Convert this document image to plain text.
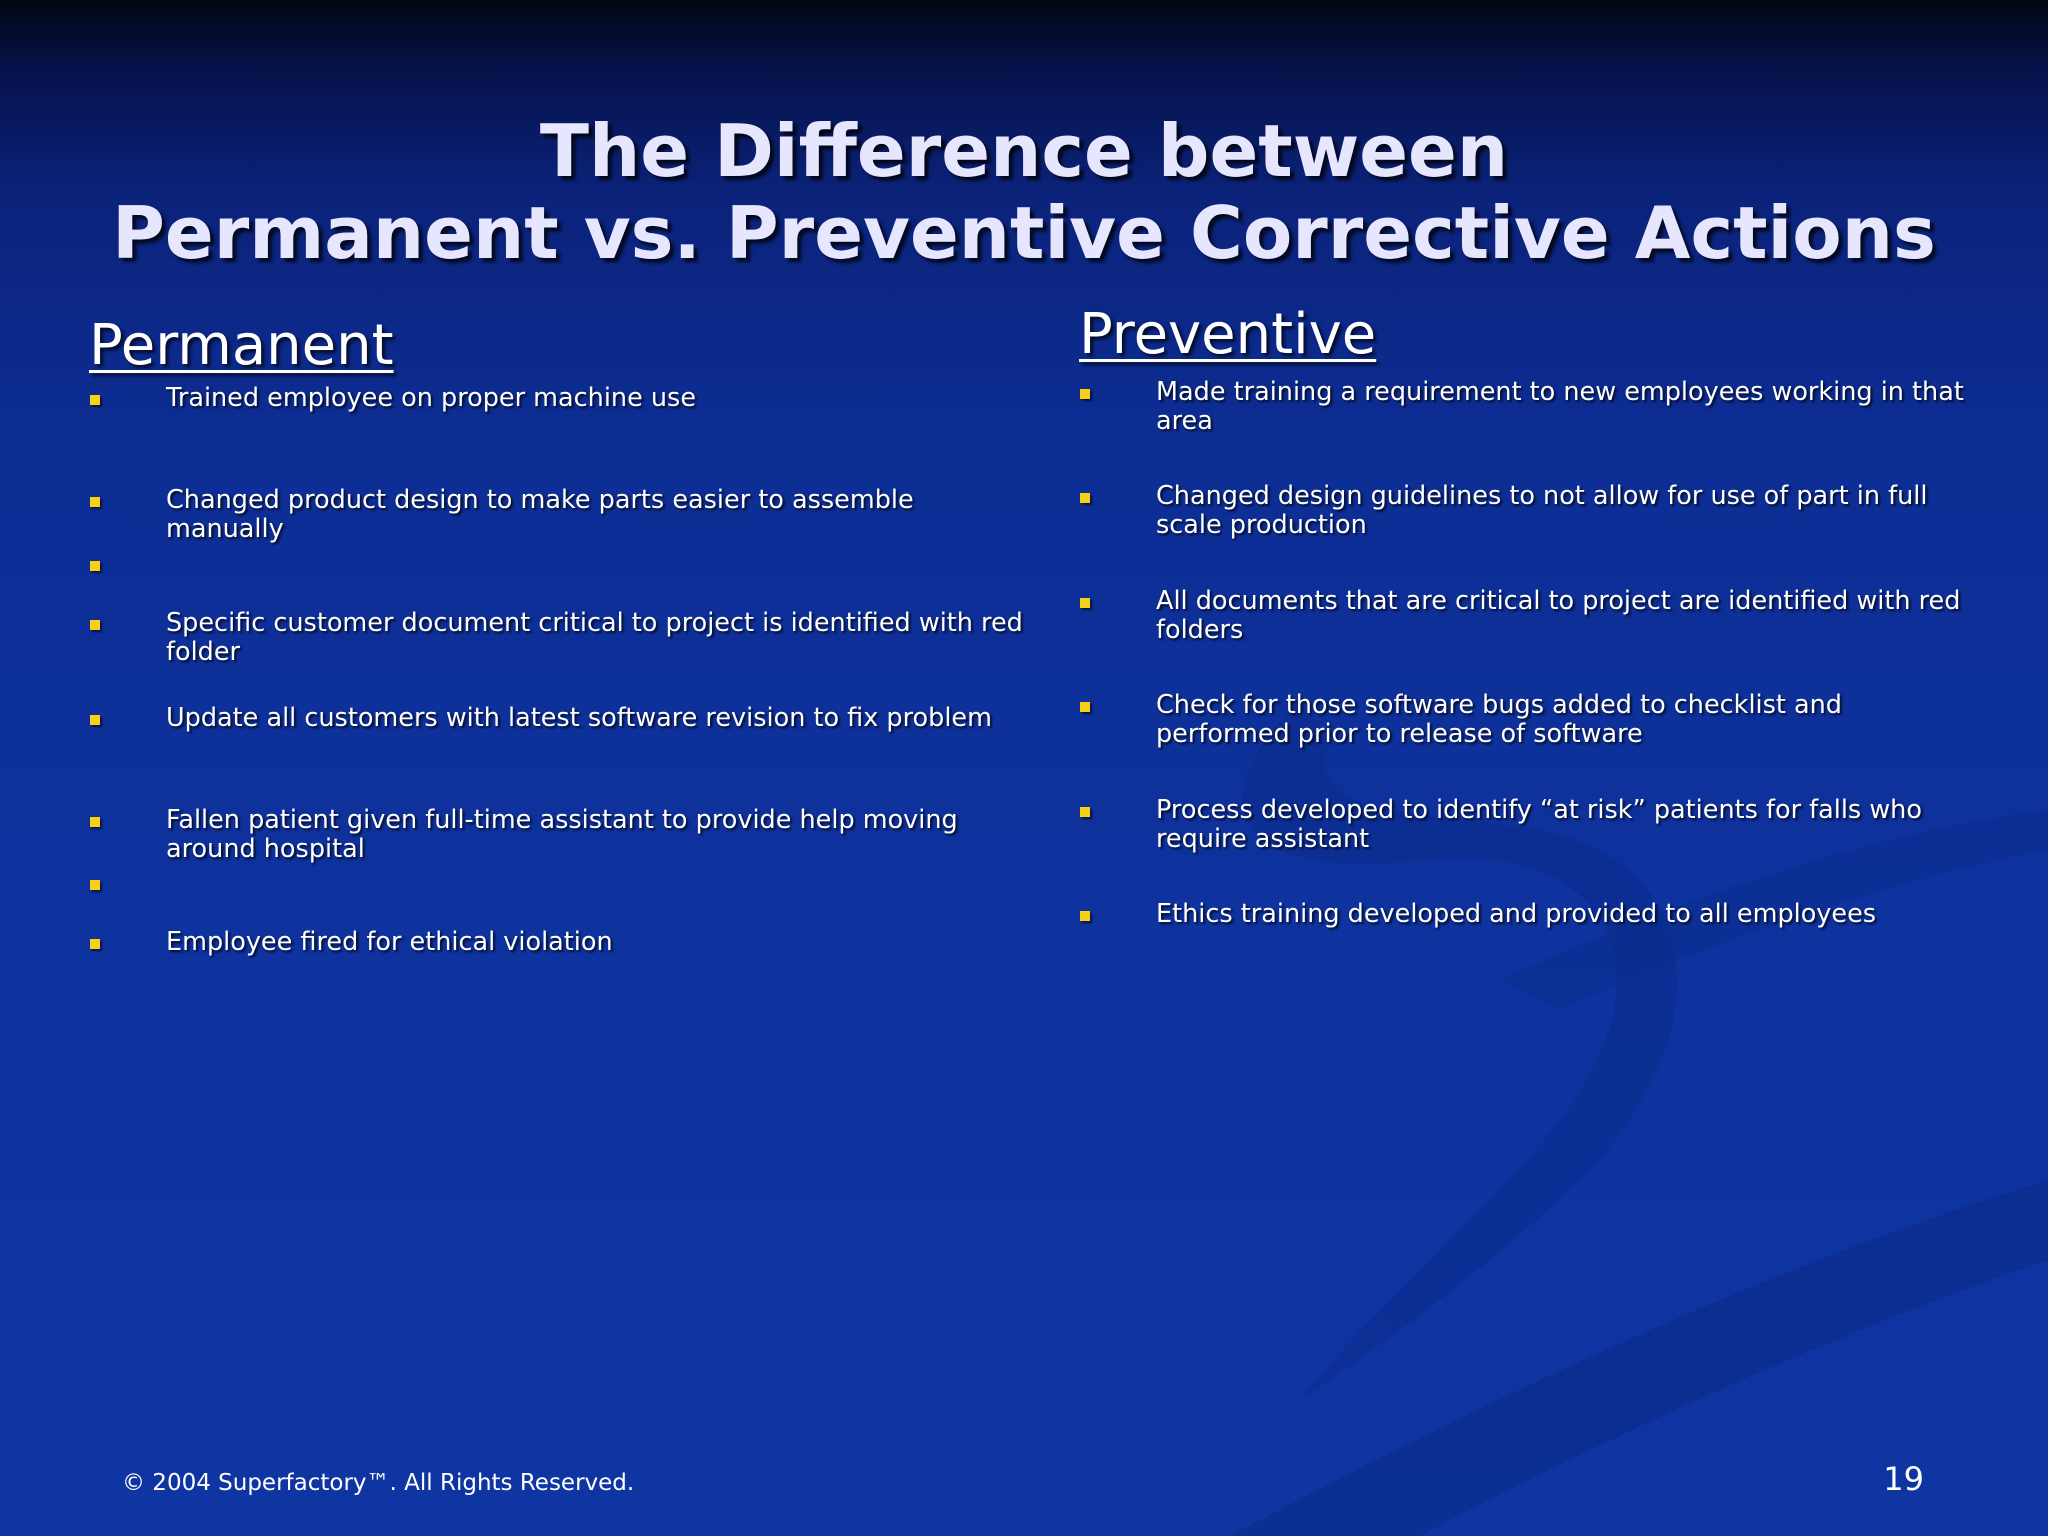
The Difference between
Permanent vs. Preventive Corrective Actions
Permanent
Trained employee on proper machine use
Changed product design to make parts easier to assemble manually
Specific customer document critical to project is identified with red folder
Update all customers with latest software revision to fix problem
Fallen patient given full-time assistant to provide help moving around hospital
Employee fired for ethical violation
Preventive
Made training a requirement to new employees working in that area
Changed design guidelines to not allow for use of part in full scale production
All documents that are critical to project are identified with red folders
Check for those software bugs added to checklist and performed prior to release of software
Process developed to identify “at risk” patients for falls who require assistant
Ethics training developed and provided to all employees
© 2004 Superfactory™. All Rights Reserved.	19
